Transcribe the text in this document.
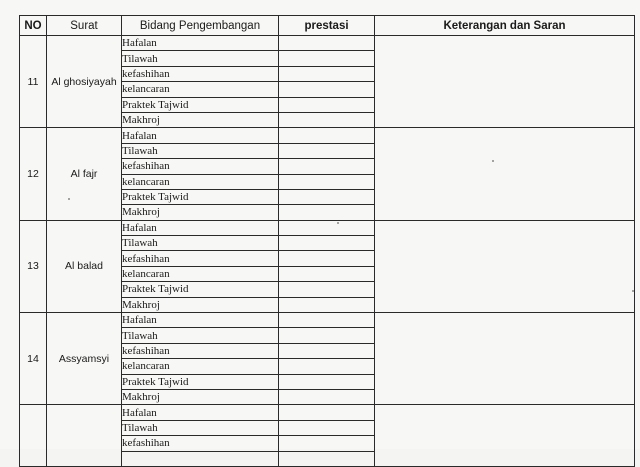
NO	Surat	Bidang Pengembangan	prestasi	Keterangan dan Saran
11	Al ghosiyayah	Hafalan		
		Tilawah		
		kefashihan		
		kelancaran		
		Praktek Tajwid		
		Makhroj		
12	Al fajr	Hafalan		
		Tilawah		
		kefashihan		
		kelancaran		
		Praktek Tajwid		
		Makhroj		
13	Al balad	Hafalan		
		Tilawah		
		kefashihan		
		kelancaran		
		Praktek Tajwid		
		Makhroj		
14	Assyamsyi	Hafalan		
		Tilawah		
		kefashihan		
		kelancaran		
		Praktek Tajwid		
		Makhroj		
		Hafalan		
		Tilawah		
		kefashihan		
